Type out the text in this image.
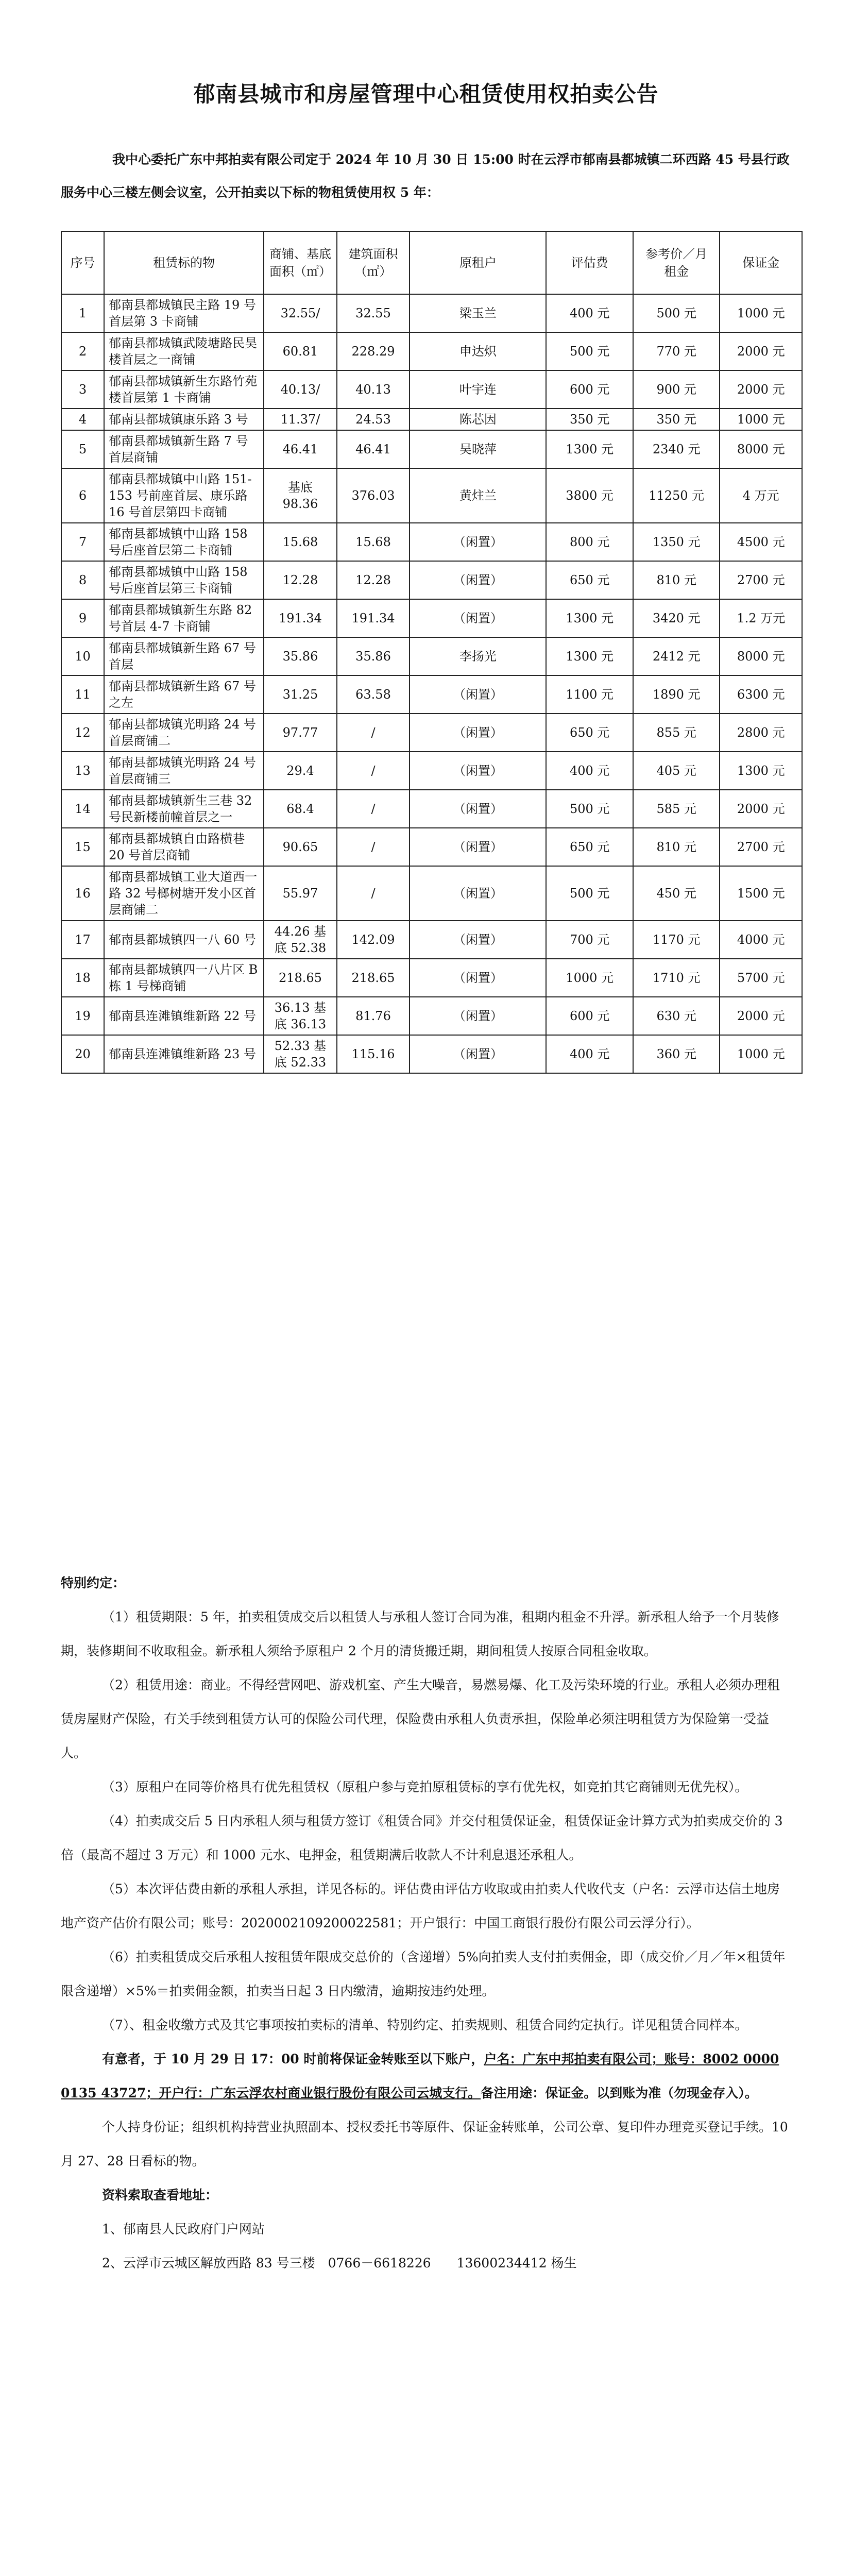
郁南县城市和房屋管理中心租赁使用权拍卖公告

我中心委托广东中邦拍卖有限公司定于 2024 年 10 月 30 日 15:00 时在云浮市郁南县都城镇二环西路 45 号县行政服务中心三楼左侧会议室，公开拍卖以下标的物租赁使用权 5 年：

序号	租赁标的物	商铺、基底面积（㎡）	建筑面积（㎡）	原租户	评估费	参考价／月 租金	保证金
1	郁南县都城镇民主路 19 号首层第 3 卡商铺	32.55/	32.55	梁玉兰	400 元	500 元	1000 元
2	郁南县都城镇武陵塘路民昊楼首层之一商铺	60.81	228.29	申达炽	500 元	770 元	2000 元
3	郁南县都城镇新生东路竹苑楼首层第 1 卡商铺	40.13/	40.13	叶宇连	600 元	900 元	2000 元
4	郁南县都城镇康乐路 3 号	11.37/	24.53	陈芯因	350 元	350 元	1000 元
5	郁南县都城镇新生路 7 号首层商铺	46.41	46.41	吴晓萍	1300 元	2340 元	8000 元
6	郁南县都城镇中山路 151-153 号前座首层、康乐路 16 号首层第四卡商铺	基底 98.36	376.03	黄炷兰	3800 元	11250 元	4 万元
7	郁南县都城镇中山路 158 号后座首层第二卡商铺	15.68	15.68	（闲置）	800 元	1350 元	4500 元
8	郁南县都城镇中山路 158 号后座首层第三卡商铺	12.28	12.28	（闲置）	650 元	810 元	2700 元
9	郁南县都城镇新生东路 82 号首层 4-7 卡商铺	191.34	191.34	（闲置）	1300 元	3420 元	1.2 万元
10	郁南县都城镇新生路 67 号首层	35.86	35.86	李扬光	1300 元	2412 元	8000 元
11	郁南县都城镇新生路 67 号之左	31.25	63.58	（闲置）	1100 元	1890 元	6300 元
12	郁南县都城镇光明路 24 号首层商铺二	97.77	/	（闲置）	650 元	855 元	2800 元
13	郁南县都城镇光明路 24 号首层商铺三	29.4	/	（闲置）	400 元	405 元	1300 元
14	郁南县都城镇新生三巷 32 号民新楼前幢首层之一	68.4	/	（闲置）	500 元	585 元	2000 元
15	郁南县都城镇自由路横巷 20 号首层商铺	90.65	/	（闲置）	650 元	810 元	2700 元
16	郁南县都城镇工业大道西一路 32 号榔树塘开发小区首层商铺二	55.97	/	（闲置）	500 元	450 元	1500 元
17	郁南县都城镇四一八 60 号	44.26 基底 52.38	142.09	（闲置）	700 元	1170 元	4000 元
18	郁南县都城镇四一八片区 B 栋 1 号梯商铺	218.65	218.65	（闲置）	1000 元	1710 元	5700 元
19	郁南县连滩镇维新路 22 号	36.13 基底 36.13	81.76	（闲置）	600 元	630 元	2000 元
20	郁南县连滩镇维新路 23 号	52.33 基底 52.33	115.16	（闲置）	400 元	360 元	1000 元

特别约定：

（1）租赁期限：5 年，拍卖租赁成交后以租赁人与承租人签订合同为准，租期内租金不升浮。新承租人给予一个月装修期，装修期间不收取租金。新承租人须给予原租户 2 个月的清货搬迁期，期间租赁人按原合同租金收取。

（2）租赁用途：商业。不得经营网吧、游戏机室、产生大噪音，易燃易爆、化工及污染环境的行业。承租人必须办理租赁房屋财产保险，有关手续到租赁方认可的保险公司代理，保险费由承租人负责承担，保险单必须注明租赁方为保险第一受益人。

（3）原租户在同等价格具有优先租赁权（原租户参与竞拍原租赁标的享有优先权，如竞拍其它商铺则无优先权）。

（4）拍卖成交后 5 日内承租人须与租赁方签订《租赁合同》并交付租赁保证金，租赁保证金计算方式为拍卖成交价的 3 倍（最高不超过 3 万元）和 1000 元水、电押金，租赁期满后收款人不计利息退还承租人。

（5）本次评估费由新的承租人承担，详见各标的。评估费由评估方收取或由拍卖人代收代支（户名：云浮市达信土地房地产资产估价有限公司；账号：2020002109200022581；开户银行：中国工商银行股份有限公司云浮分行）。

（6）拍卖租赁成交后承租人按租赁年限成交总价的（含递增）5%向拍卖人支付拍卖佣金，即（成交价／月／年×租赁年限含递增）×5%＝拍卖佣金额，拍卖当日起 3 日内缴清，逾期按违约处理。

（7）、租金收缴方式及其它事项按拍卖标的清单、特别约定、拍卖规则、租赁合同约定执行。详见租赁合同样本。

有意者，于 10 月 29 日 17：00 时前将保证金转账至以下账户，户名：广东中邦拍卖有限公司；账号：8002 0000 0135 43727；开户行：广东云浮农村商业银行股份有限公司云城支行。备注用途：保证金。以到账为准（勿现金存入）。

个人持身份证；组织机构持营业执照副本、授权委托书等原件、保证金转账单，公司公章、复印件办理竞买登记手续。10 月 27、28 日看标的物。

资料索取查看地址：

1、郁南县人民政府门户网站

2、云浮市云城区解放西路 83 号三楼　0766－6618226　　13600234412 杨生
